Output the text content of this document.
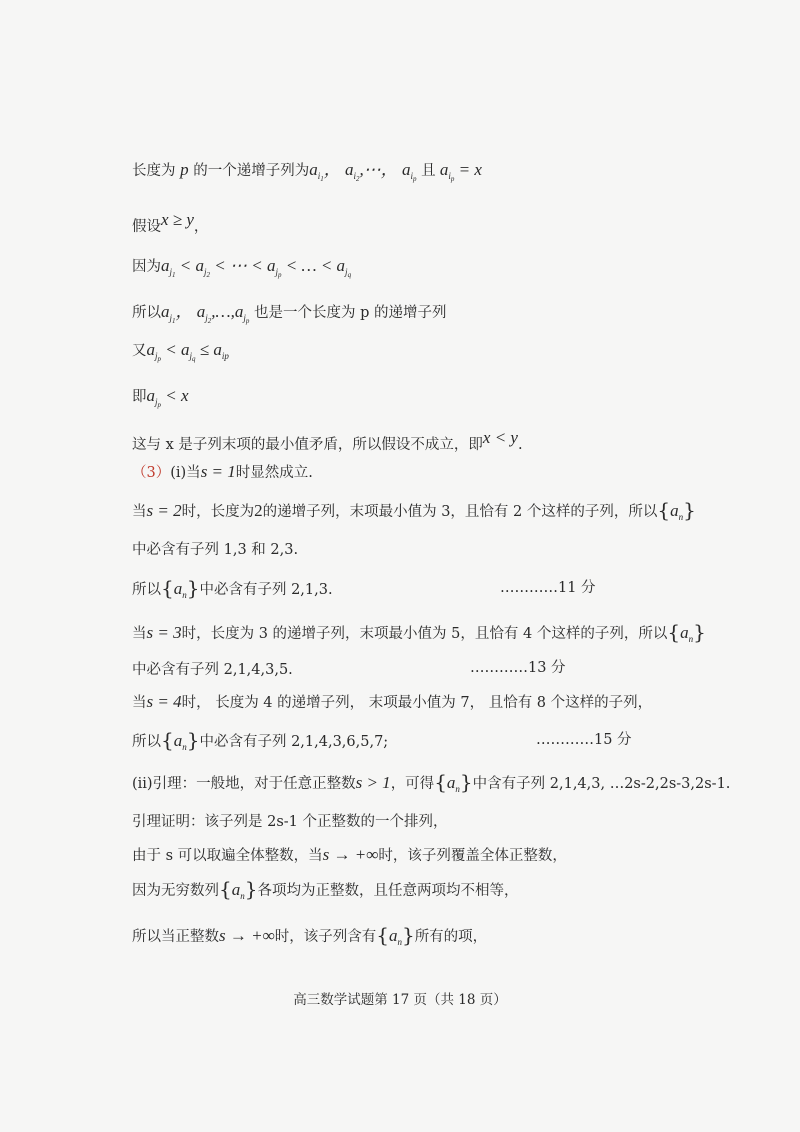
长度为 p 的一个递增子列为$a_{i_1}$， $a_{i_2},\cdots$， $a_{i_p}$ 且 $a_{i_p} = x$
假设x ≥ y，
因为$a_{j_1} < a_{j_2}$ < ⋯ < $a_{j_p}$ < … < $a_{j_q}$
所以$a_{j_1}$， $a_{j_2},\dots,a_{j_p}$ 也是一个长度为 p 的递增子列
又$a_{j_p} < a_{j_q} \le a_{ip}$
即$a_{j_p} < x$
这与 x 是子列末项的最小值矛盾，所以假设不成立，即x < y.
（3）(i)当s = 1时显然成立.
当s = 2时，长度为2的递增子列，末项最小值为 3，且恰有 2 个这样的子列，所以$\{a_n\}$
中必含有子列 1,3 和 2,3.
所以$\{a_n\}$中必含有子列 2,1,3.	…………11 分
当s = 3时，长度为 3 的递增子列，末项最小值为 5，且恰有 4 个这样的子列，所以$\{a_n\}$
中必含有子列 2,1,4,3,5.	…………13 分
当s = 4时， 长度为 4 的递增子列， 末项最小值为 7， 且恰有 8 个这样的子列，
所以$\{a_n\}$中必含有子列 2,1,4,3,6,5,7;	…………15 分
(ii)引理：一般地，对于任意正整数s > 1，可得$\{a_n\}$中含有子列 2,1,4,3, …2s-2,2s-3,2s-1.
引理证明：该子列是 2s-1 个正整数的一个排列，
由于 s 可以取遍全体整数，当s → +∞时，该子列覆盖全体正整数，
因为无穷数列$\{a_n\}$各项均为正整数，且任意两项均不相等，
所以当正整数s → +∞时，该子列含有$\{a_n\}$所有的项，
高三数学试题第 17 页（共 18 页）
